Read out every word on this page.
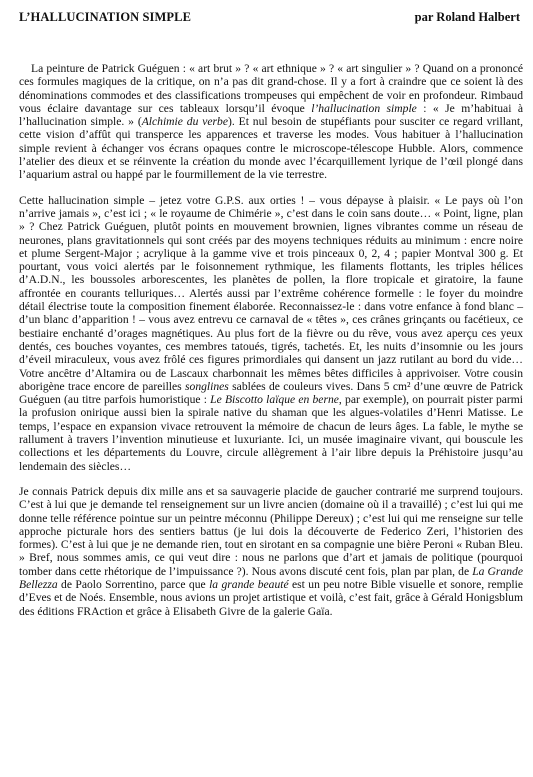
L’HALLUCINATION SIMPLE	par Roland Halbert

La peinture de Patrick Guéguen : « art brut » ? « art ethnique » ? « art singulier » ? Quand on a prononcé ces formules magiques de la critique, on n’a pas dit grand-chose. Il y a fort à craindre que ce soient là des dénominations commodes et des classifications trompeuses qui empêchent de voir en profondeur. Rimbaud vous éclaire davantage sur ces tableaux lorsqu’il évoque l’hallucination simple : « Je m’habituai à l’hallucination simple. » (Alchimie du verbe). Et nul besoin de stupéfiants pour susciter ce regard vrillant, cette vision d’affût qui transperce les apparences et traverse les modes. Vous habituer à l’hallucination simple revient à échanger vos écrans opaques contre le microscope-télescope Hubble. Alors, commence l’atelier des dieux et se réinvente la création du monde avec l’écarquillement lyrique de l’œil plongé dans l’aquarium astral ou happé par le fourmillement de la vie terrestre.

Cette hallucination simple – jetez votre G.P.S. aux orties ! – vous dépayse à plaisir. « Le pays où l’on n’arrive jamais », c’est ici ; « le royaume de Chimérie », c’est dans le coin sans doute… « Point, ligne, plan » ? Chez Patrick Guéguen, plutôt points en mouvement brownien, lignes vibrantes comme un réseau de neurones, plans gravitationnels qui sont créés par des moyens techniques réduits au minimum : encre noire et plume Sergent-Major ; acrylique à la gamme vive et trois pinceaux 0, 2, 4 ; papier Montval 300 g. Et pourtant, vous voici alertés par le foisonnement rythmique, les filaments flottants, les triples hélices d’A.D.N., les boussoles arborescentes, les planètes de pollen, la flore tropicale et giratoire, la faune affrontée en courants telluriques… Alertés aussi par l’extrême cohérence formelle : le foyer du moindre détail électrise toute la composition finement élaborée. Reconnaissez-le : dans votre enfance à fond blanc – d’un blanc d’apparition ! – vous avez entrevu ce carnaval de « têtes », ces crânes grinçants ou facétieux, ce bestiaire enchanté d’orages magnétiques. Au plus fort de la fièvre ou du rêve, vous avez aperçu ces yeux dentés, ces bouches voyantes, ces membres tatoués, tigrés, tachetés. Et, les nuits d’insomnie ou les jours d’éveil miraculeux, vous avez frôlé ces figures primordiales qui dansent un jazz rutilant au bord du vide… Votre ancêtre d’Altamira ou de Lascaux charbonnait les mêmes bêtes difficiles à apprivoiser. Votre cousin aborigène trace encore de pareilles songlines sablées de couleurs vives. Dans 5 cm² d’une œuvre de Patrick Guéguen (au titre parfois humoristique : Le Biscotto laïque en berne, par exemple), on pourrait pister parmi la profusion onirique aussi bien la spirale native du shaman que les algues-volatiles d’Henri Matisse. Le temps, l’espace en expansion vivace retrouvent la mémoire de chacun de leurs âges. La fable, le mythe se rallument à travers l’invention minutieuse et luxuriante. Ici, un musée imaginaire vivant, qui bouscule les collections et les départements du Louvre, circule allègrement à l’air libre depuis la Préhistoire jusqu’au lendemain des siècles…

Je connais Patrick depuis dix mille ans et sa sauvagerie placide de gaucher contrarié me surprend toujours. C’est à lui que je demande tel renseignement sur un livre ancien (domaine où il a travaillé) ; c’est lui qui me donne telle référence pointue sur un peintre méconnu (Philippe Dereux) ; c’est lui qui me renseigne sur telle approche picturale hors des sentiers battus (je lui dois la découverte de Federico Zeri, l’historien des formes). C’est à lui que je ne demande rien, tout en sirotant en sa compagnie une bière Peroni « Ruban Bleu. » Bref, nous sommes amis, ce qui veut dire : nous ne parlons que d’art et jamais de politique (pourquoi tomber dans cette rhétorique de l’impuissance ?). Nous avons discuté cent fois, plan par plan, de La Grande Bellezza de Paolo Sorrentino, parce que la grande beauté est un peu notre Bible visuelle et sonore, remplie d’Eves et de Noés. Ensemble, nous avions un projet artistique et voilà, c’est fait, grâce à Gérald Honigsblum des éditions FRAction et grâce à Elisabeth Givre de la galerie Gaïa.
